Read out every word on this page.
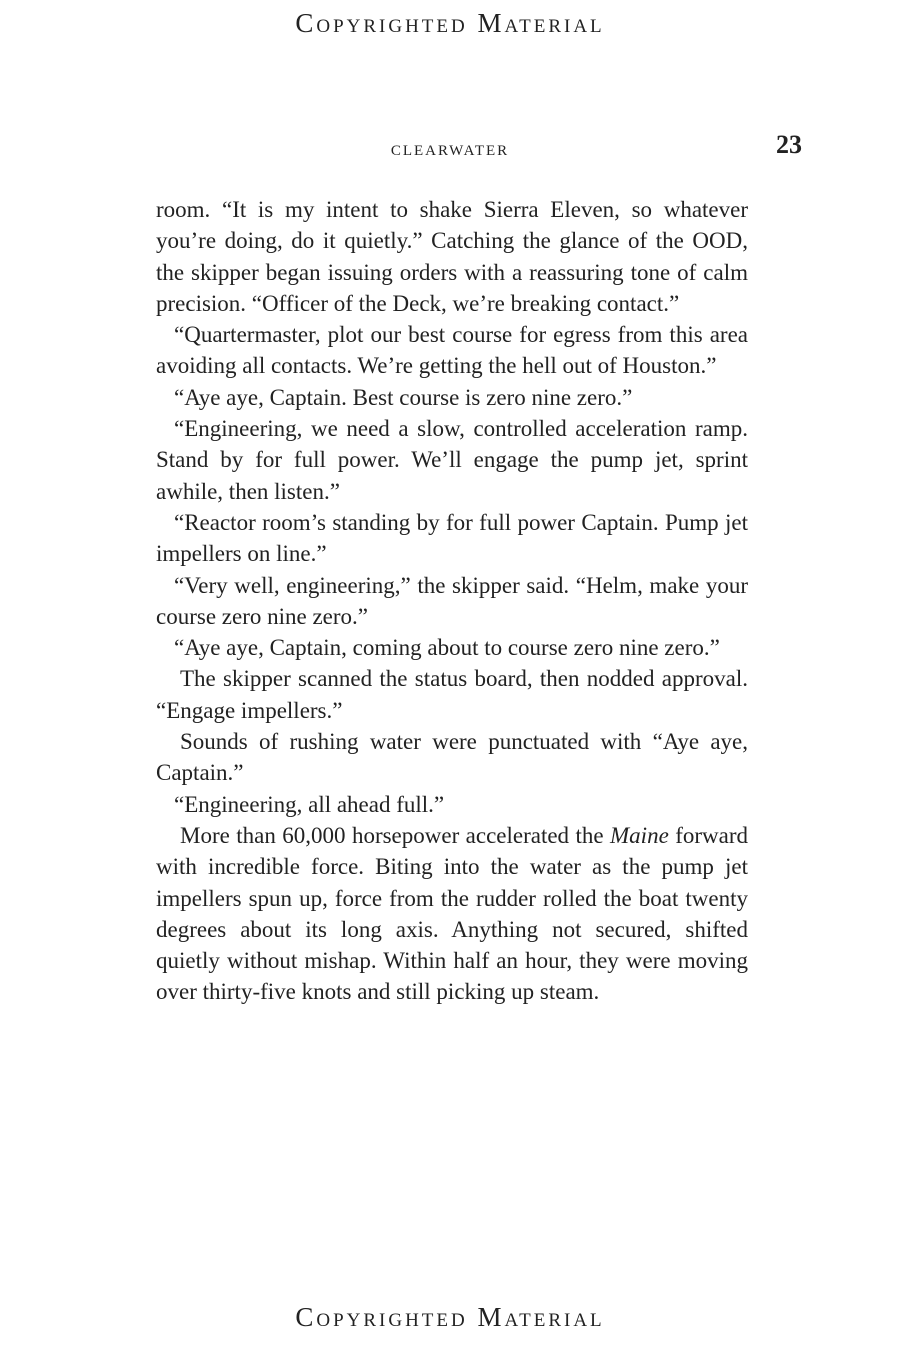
Copyrighted Material
clearwater	23

room. “It is my intent to shake Sierra Eleven, so whatever you’re doing, do it quietly.” Catching the glance of the OOD, the skipper began issuing orders with a reassuring tone of calm precision. “Officer of the Deck, we’re breaking contact.”

“Quartermaster, plot our best course for egress from this area avoiding all contacts. We’re getting the hell out of Houston.”

“Aye aye, Captain. Best course is zero nine zero.”

“Engineering, we need a slow, controlled acceleration ramp. Stand by for full power. We’ll engage the pump jet, sprint awhile, then listen.”

“Reactor room’s standing by for full power Captain. Pump jet impellers on line.”

“Very well, engineering,” the skipper said. “Helm, make your course zero nine zero.”

“Aye aye, Captain, coming about to course zero nine zero.”

The skipper scanned the status board, then nodded approval. “Engage impellers.”

Sounds of rushing water were punctuated with “Aye aye, Captain.”

“Engineering, all ahead full.”

More than 60,000 horsepower accelerated the Maine forward with incredible force. Biting into the water as the pump jet impellers spun up, force from the rudder rolled the boat twenty degrees about its long axis. Anything not secured, shifted quietly without mishap. Within half an hour, they were moving over thirty-five knots and still picking up steam.

Copyrighted Material
